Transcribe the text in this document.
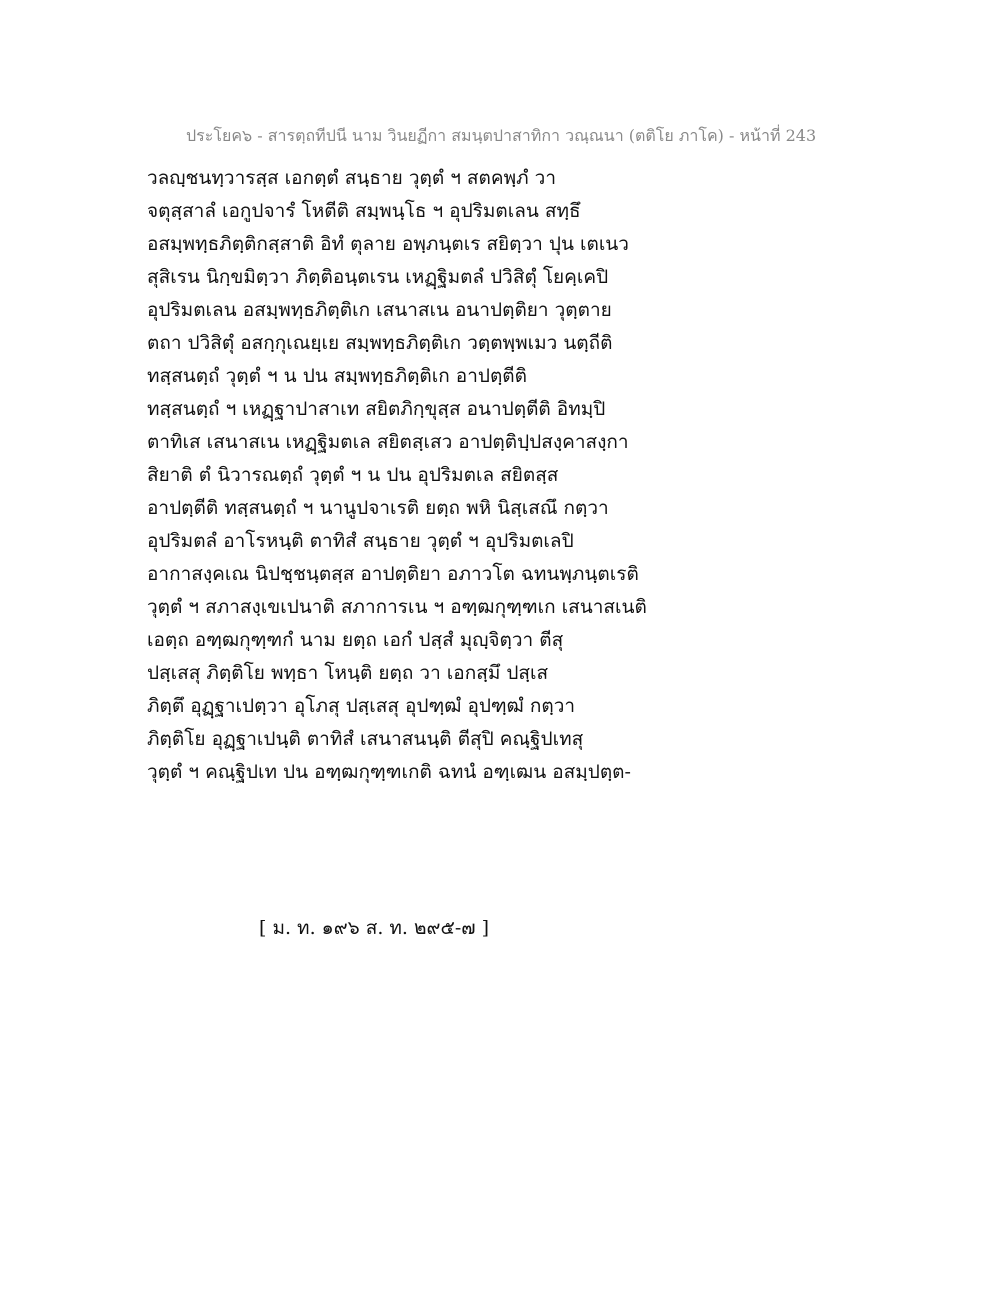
ประโยค๖ - สารตฺถทีปนี นาม วินยฏีกา สมนฺตปาสาทิกา วณฺณนา (ตติโย ภาโค) - หน้าที่ 243
วลญฺชนทฺวารสฺส เอกตฺตํ สนฺธาย วุตฺตํ ฯ สตคพฺภํ วา
จตุสฺสาลํ เอกูปจารํ โหตีติ สมฺพนฺโธ ฯ อุปริมตเลน สทฺธึ
อสมฺพทฺธภิตฺติกสฺสาติ อิทํ ตุลาย อพฺภนฺตเร สยิตฺวา ปุน เตเนว
สุสิเรน นิกฺขมิตฺวา ภิตฺติอนฺตเรน เหฏฺฐิมตลํ ปวิสิตุํ โยคฺเคปิ
อุปริมตเลน อสมฺพทฺธภิตฺติเก เสนาสเน อนาปตฺติยา วุตฺตาย
ตถา ปวิสิตุํ อสกฺกุเณยฺเย สมฺพทฺธภิตฺติเก วตฺตพฺพเมว นตฺถีติ
ทสฺสนตฺถํ วุตฺตํ ฯ น ปน สมฺพทฺธภิตฺติเก อาปตฺตีติ
ทสฺสนตฺถํ ฯ เหฏฺฐาปาสาเท สยิตภิกฺขุสฺส อนาปตฺตีติ อิทมฺปิ
ตาทิเส เสนาสเน เหฏฺฐิมตเล สยิตสฺเสว อาปตฺติปฺปสงฺคาสงฺกา
สิยาติ ตํ นิวารณตฺถํ วุตฺตํ ฯ น ปน อุปริมตเล สยิตสฺส
อาปตฺตีติ ทสฺสนตฺถํ ฯ นานูปจาเรติ ยตฺถ พหิ นิสฺเสณึ กตฺวา
อุปริมตลํ อาโรหนฺติ ตาทิสํ สนฺธาย วุตฺตํ ฯ อุปริมตเลปิ
อากาสงฺคเณ นิปชฺชนฺตสฺส อาปตฺติยา อภาวโต ฉทนพฺภนฺตเรติ
วุตฺตํ ฯ สภาสงฺเขเปนาติ สภาการเน ฯ อฑฺฒกุฑฺฑเก เสนาสเนติ
เอตฺถ อฑฺฒกุฑฺฑกํ นาม ยตฺถ เอกํ ปสฺสํ มุญฺจิตฺวา ตีสุ
ปสฺเสสุ ภิตฺติโย พทฺธา โหนฺติ ยตฺถ วา เอกสฺมึ ปสฺเส
ภิตฺตึ อุฏฺฐาเปตฺวา อุโภสุ ปสฺเสสุ อุปฑฺฒํ อุปฑฺฒํ กตฺวา
ภิตฺติโย อุฏฺฐาเปนฺติ ตาทิสํ เสนาสนนฺติ ตีสุปิ คณฺฐิปเทสุ
วุตฺตํ ฯ คณฺฐิปเท ปน อฑฺฒกุฑฺฑเกติ ฉทนํ อฑฺเฒน อสมฺปตฺต-
[ ม. ท. ๑๙๖ ส. ท. ๒๙๕-๗ ]
